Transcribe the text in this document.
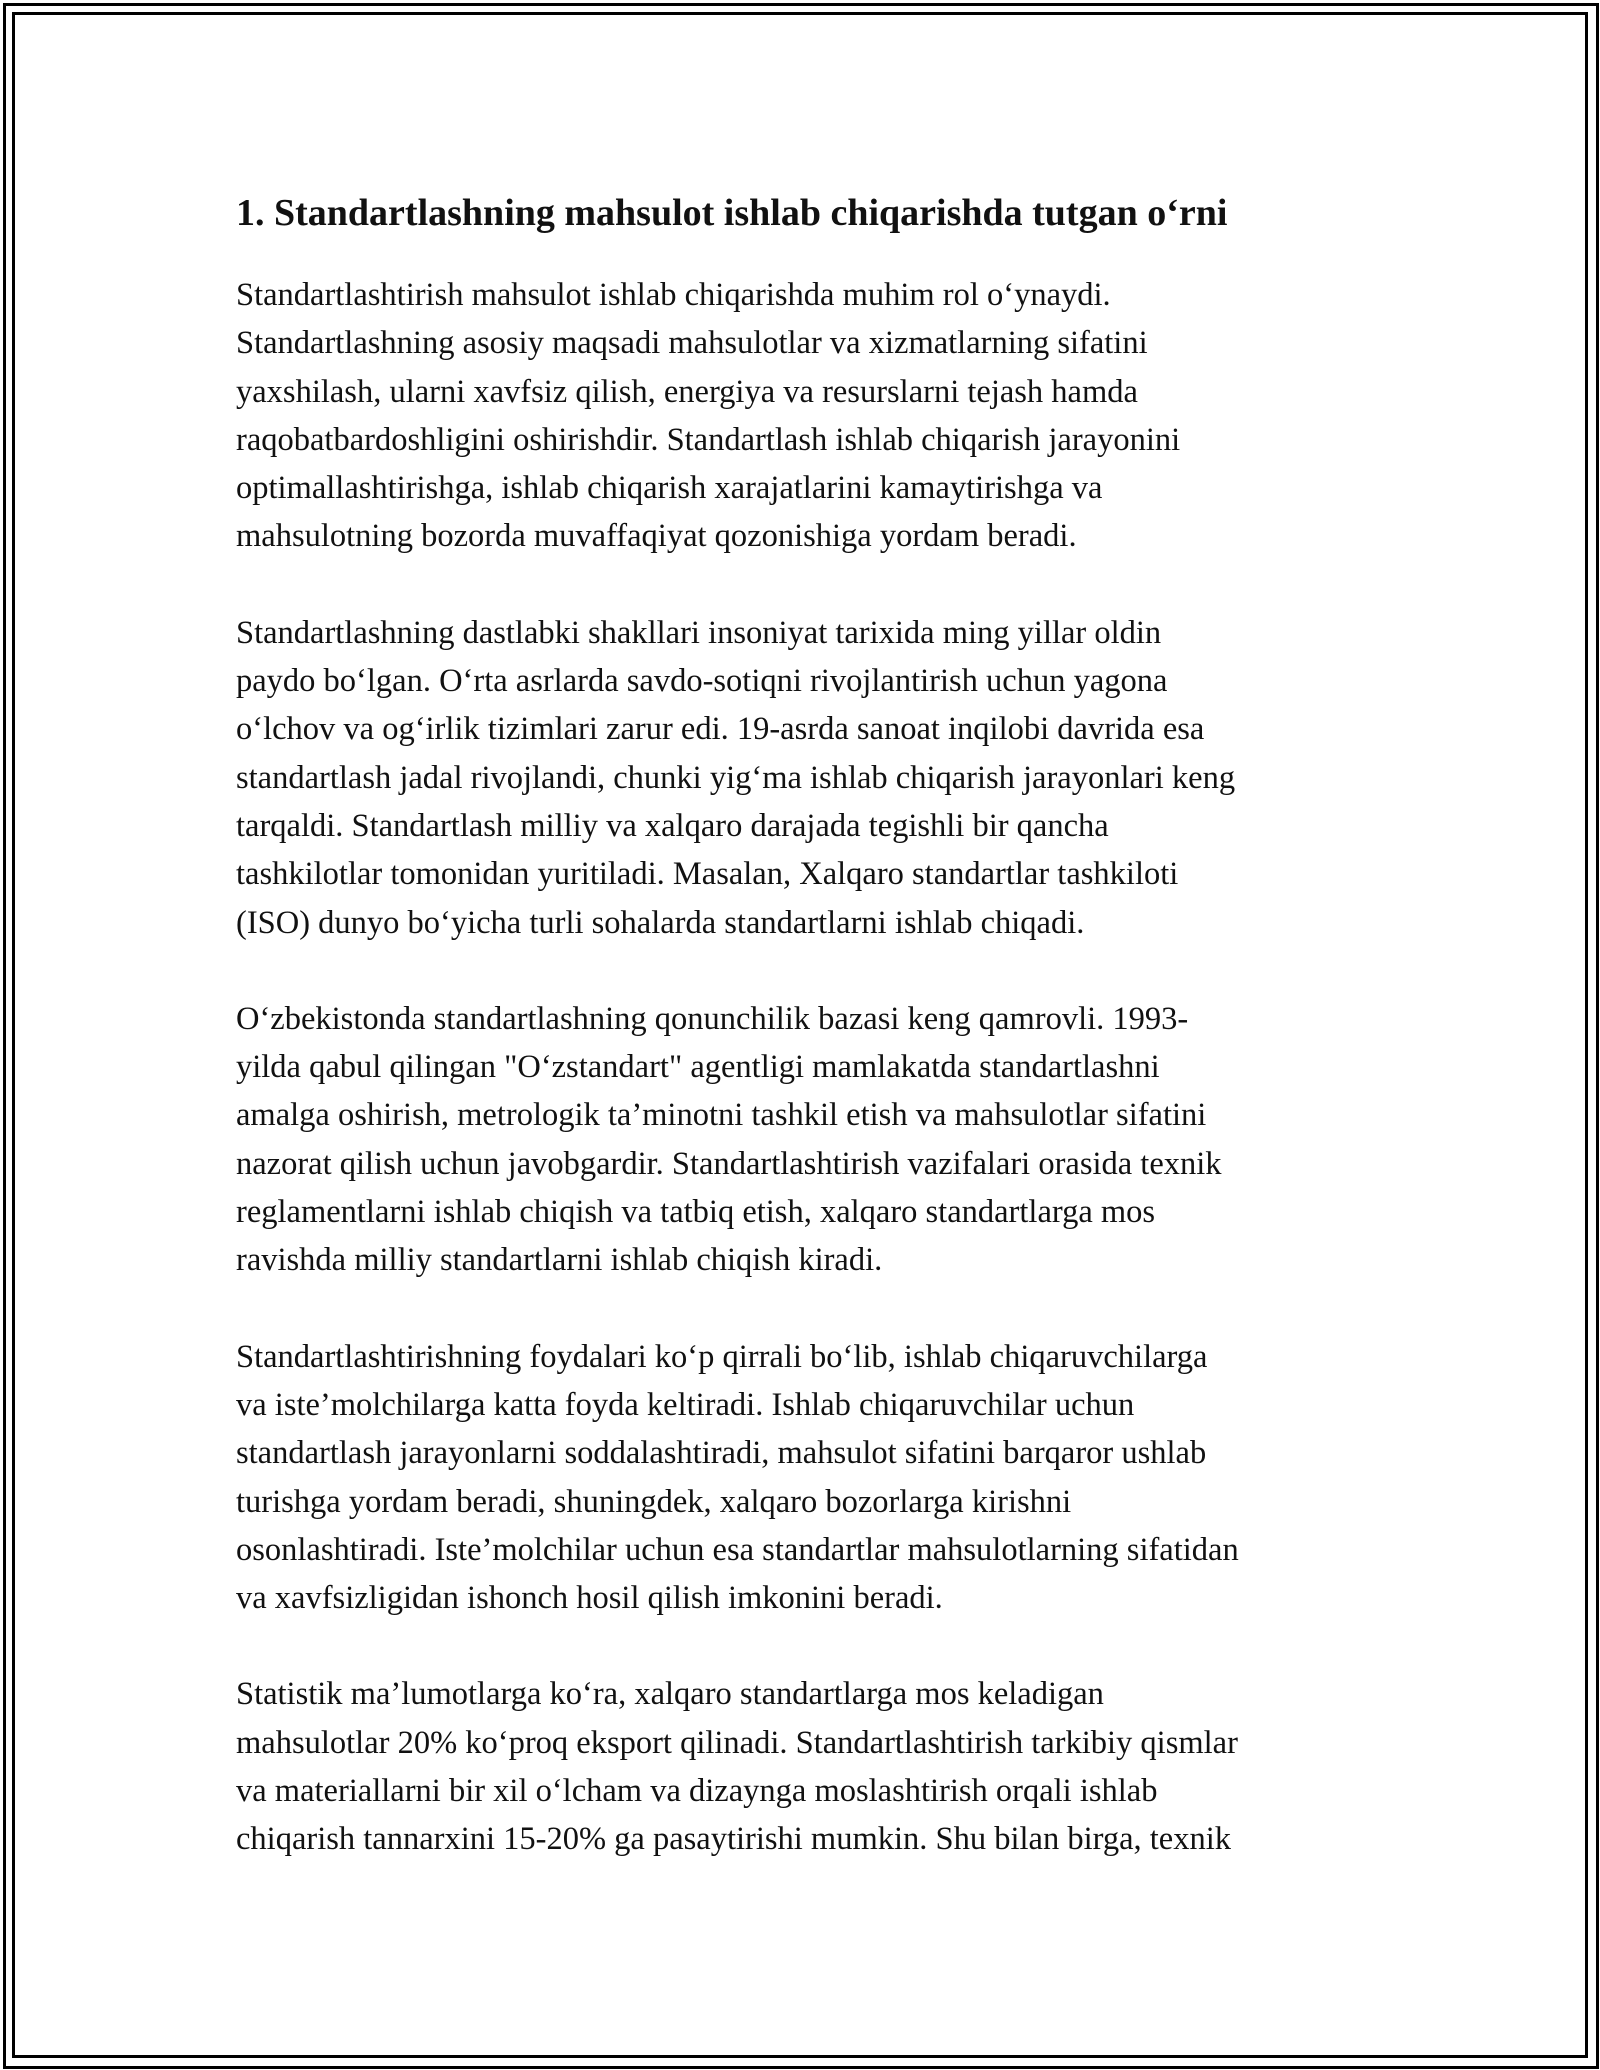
1. Standartlashning mahsulot ishlab chiqarishda tutgan o‘rni

Standartlashtirish mahsulot ishlab chiqarishda muhim rol o‘ynaydi.
Standartlashning asosiy maqsadi mahsulotlar va xizmatlarning sifatini
yaxshilash, ularni xavfsiz qilish, energiya va resurslarni tejash hamda
raqobatbardoshligini oshirishdir. Standartlash ishlab chiqarish jarayonini
optimallashtirishga, ishlab chiqarish xarajatlarini kamaytirishga va
mahsulotning bozorda muvaffaqiyat qozonishiga yordam beradi.

Standartlashning dastlabki shakllari insoniyat tarixida ming yillar oldin
paydo bo‘lgan. O‘rta asrlarda savdo-sotiqni rivojlantirish uchun yagona
o‘lchov va og‘irlik tizimlari zarur edi. 19-asrda sanoat inqilobi davrida esa
standartlash jadal rivojlandi, chunki yig‘ma ishlab chiqarish jarayonlari keng
tarqaldi. Standartlash milliy va xalqaro darajada tegishli bir qancha
tashkilotlar tomonidan yuritiladi. Masalan, Xalqaro standartlar tashkiloti
(ISO) dunyo bo‘yicha turli sohalarda standartlarni ishlab chiqadi.

O‘zbekistonda standartlashning qonunchilik bazasi keng qamrovli. 1993-
yilda qabul qilingan "O‘zstandart" agentligi mamlakatda standartlashni
amalga oshirish, metrologik ta’minotni tashkil etish va mahsulotlar sifatini
nazorat qilish uchun javobgardir. Standartlashtirish vazifalari orasida texnik
reglamentlarni ishlab chiqish va tatbiq etish, xalqaro standartlarga mos
ravishda milliy standartlarni ishlab chiqish kiradi.

Standartlashtirishning foydalari ko‘p qirrali bo‘lib, ishlab chiqaruvchilarga
va iste’molchilarga katta foyda keltiradi. Ishlab chiqaruvchilar uchun
standartlash jarayonlarni soddalashtiradi, mahsulot sifatini barqaror ushlab
turishga yordam beradi, shuningdek, xalqaro bozorlarga kirishni
osonlashtiradi. Iste’molchilar uchun esa standartlar mahsulotlarning sifatidan
va xavfsizligidan ishonch hosil qilish imkonini beradi.

Statistik ma’lumotlarga ko‘ra, xalqaro standartlarga mos keladigan
mahsulotlar 20% ko‘proq eksport qilinadi. Standartlashtirish tarkibiy qismlar
va materiallarni bir xil o‘lcham va dizaynga moslashtirish orqali ishlab
chiqarish tannarxini 15-20% ga pasaytirishi mumkin. Shu bilan birga, texnik
